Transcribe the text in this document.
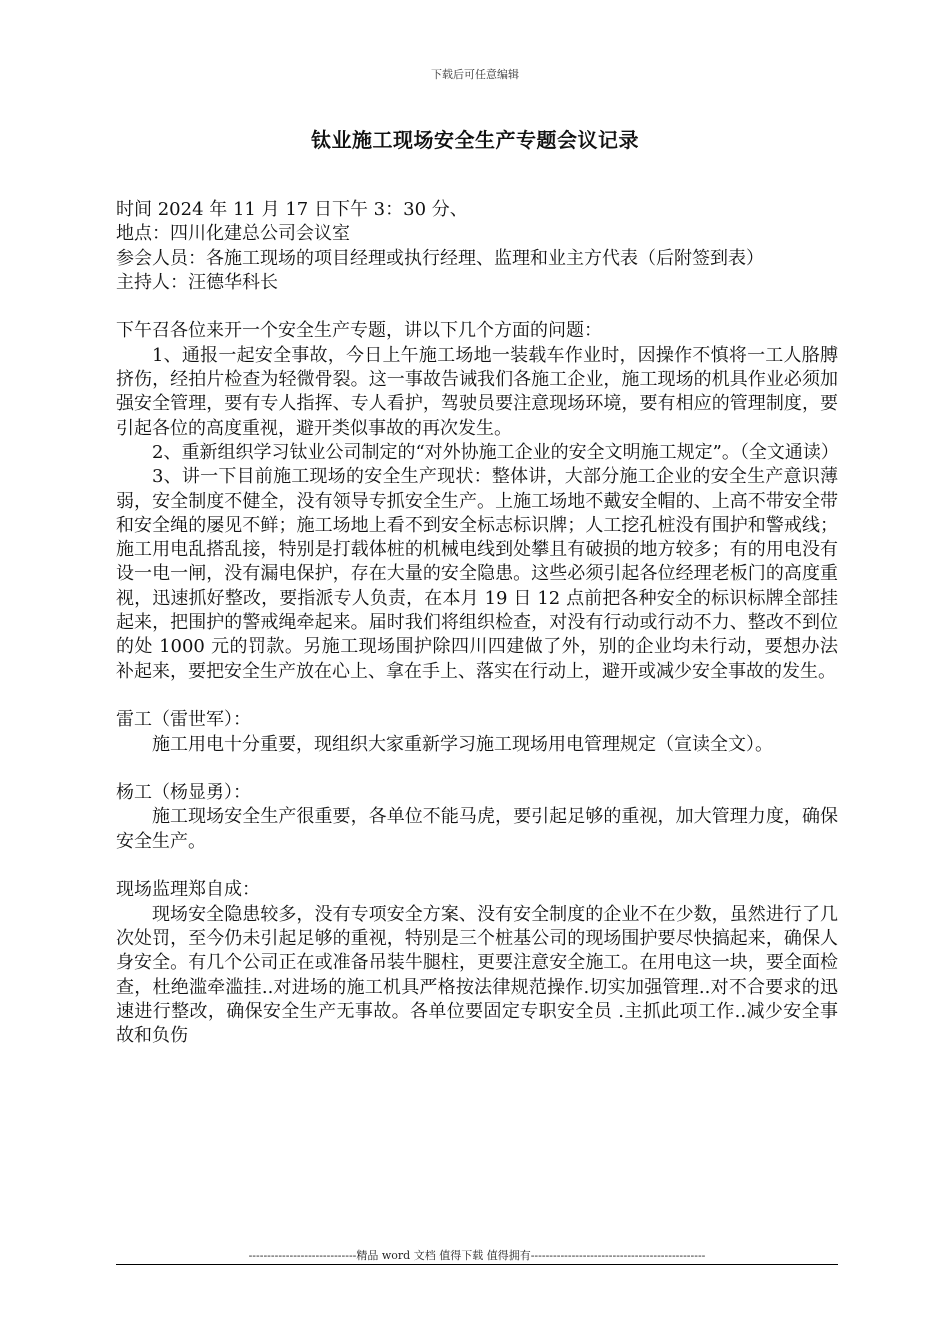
下载后可任意编辑
钛业施工现场安全生产专题会议记录

时间 2024 年 11 月 17 日下午 3：30 分、

地点：四川化建总公司会议室

参会人员：各施工现场的项目经理或执行经理、监理和业主方代表（后附签到表）

主持人：汪德华科长

下午召各位来开一个安全生产专题，讲以下几个方面的问题：

1、通报一起安全事故，今日上午施工场地一装载车作业时，因操作不慎将一工人胳膊挤伤，经拍片检查为轻微骨裂。这一事故告诫我们各施工企业，施工现场的机具作业必须加强安全管理，要有专人指挥、专人看护，驾驶员要注意现场环境，要有相应的管理制度，要引起各位的高度重视，避开类似事故的再次发生。

2、重新组织学习钛业公司制定的“对外协施工企业的安全文明施工规定”。（全文通读）

3、讲一下目前施工现场的安全生产现状：整体讲，大部分施工企业的安全生产意识薄弱，安全制度不健全，没有领导专抓安全生产。上施工场地不戴安全帽的、上高不带安全带和安全绳的屡见不鲜；施工场地上看不到安全标志标识牌；人工挖孔桩没有围护和警戒线；施工用电乱搭乱接，特别是打载体桩的机械电线到处攀且有破损的地方较多；有的用电没有设一电一闸，没有漏电保护，存在大量的安全隐患。这些必须引起各位经理老板门的高度重视，迅速抓好整改，要指派专人负责，在本月 19 日 12 点前把各种安全的标识标牌全部挂起来，把围护的警戒绳牵起来。届时我们将组织检查，对没有行动或行动不力、整改不到位的处 1000 元的罚款。另施工现场围护除四川四建做了外，别的企业均未行动，要想办法补起来，要把安全生产放在心上、拿在手上、落实在行动上，避开或减少安全事故的发生。

雷工（雷世军）：

施工用电十分重要，现组织大家重新学习施工现场用电管理规定（宣读全文）。

杨工（杨显勇）：

施工现场安全生产很重要，各单位不能马虎，要引起足够的重视，加大管理力度，确保安全生产。

现场监理郑自成：

现场安全隐患较多，没有专项安全方案、没有安全制度的企业不在少数，虽然进行了几次处罚，至今仍未引起足够的重视，特别是三个桩基公司的现场围护要尽快搞起来，确保人身安全。有几个公司正在或准备吊装牛腿柱，更要注意安全施工。在用电这一块，要全面检查，杜绝滥牵滥挂..对进场的施工机具严格按法律规范操作.切实加强管理..对不合要求的迅速进行整改，确保安全生产无事故。各单位要固定专职安全员 .主抓此项工作..减少安全事故和负伤

-----------------------------精品 word 文档 值得下载 值得拥有-----------------------------------------------
